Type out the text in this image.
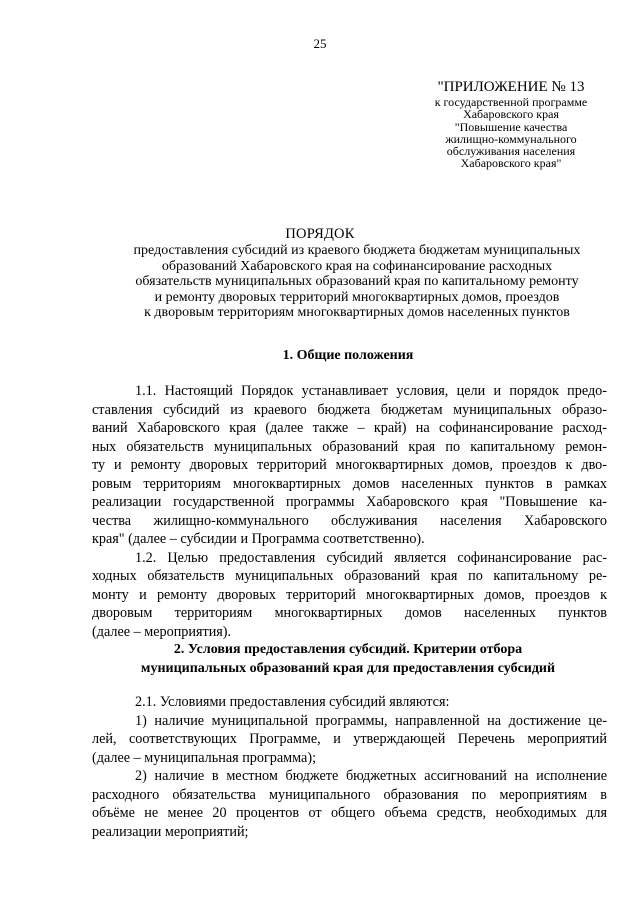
25
"ПРИЛОЖЕНИЕ № 13
к государственной программе
Хабаровского края
"Повышение качества
жилищно-коммунального
обслуживания населения
Хабаровского края"
ПОРЯДОК
предоставления субсидий из краевого бюджета бюджетам муниципальных
образований Хабаровского края на софинансирование расходных
обязательств муниципальных образований края по капитальному ремонту
и ремонту дворовых территорий многоквартирных домов, проездов
к дворовым территориям многоквартирных домов населенных пунктов
1. Общие положения

1.1. Настоящий Порядок устанавливает условия, цели и порядок предо-
ставления субсидий из краевого бюджета бюджетам муниципальных образо-
ваний Хабаровского края (далее также – край) на софинансирование расход-
ных обязательств муниципальных образований края по капитальному ремон-
ту и ремонту дворовых территорий многоквартирных домов, проездов к дво-
ровым территориям многоквартирных домов населенных пунктов в рамках
реализации государственной программы Хабаровского края "Повышение ка-
чества жилищно-коммунального обслуживания населения Хабаровского
края" (далее – субсидии и Программа соответственно).

1.2. Целью предоставления субсидий является софинансирование рас-
ходных обязательств муниципальных образований края по капитальному ре-
монту и ремонту дворовых территорий многоквартирных домов, проездов к
дворовым территориям многоквартирных домов населенных пунктов
(далее – мероприятия).

2. Условия предоставления субсидий. Критерии отбора
муниципальных образований края для предоставления субсидий

2.1. Условиями предоставления субсидий являются:

1) наличие муниципальной программы, направленной на достижение це-
лей, соответствующих Программе, и утверждающей Перечень мероприятий
(далее – муниципальная программа);

2) наличие в местном бюджете бюджетных ассигнований на исполнение
расходного обязательства муниципального образования по мероприятиям в
объёме не менее 20 процентов от общего объема средств, необходимых для
реализации мероприятий;
